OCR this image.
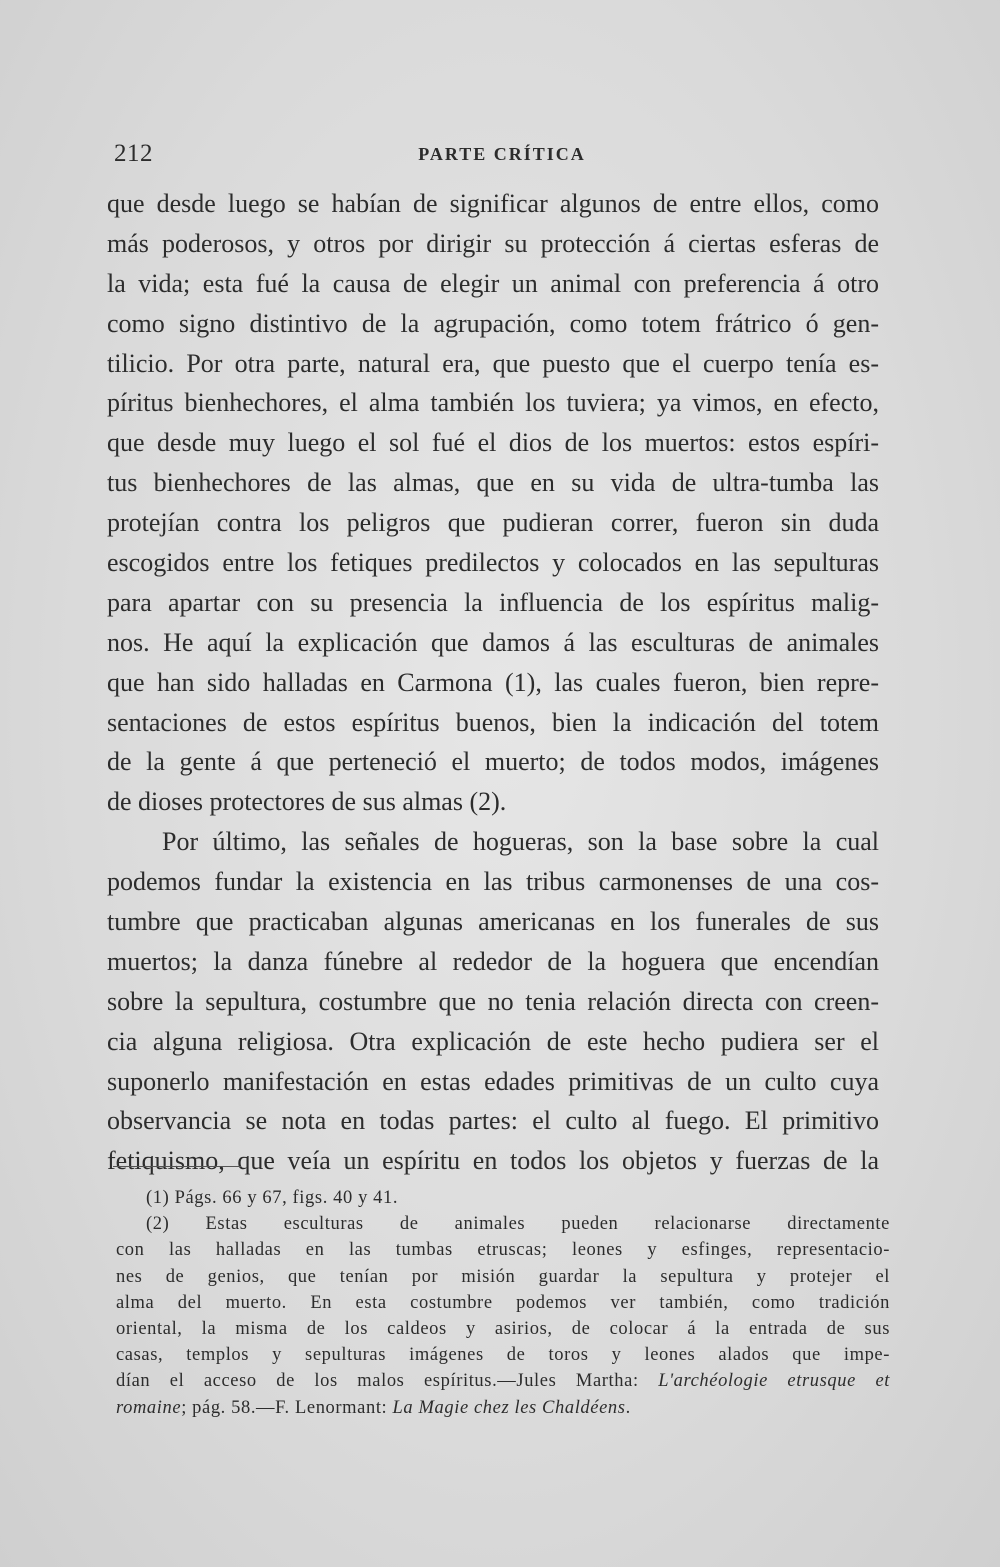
212	PARTE CRÍTICA
que desde luego se habían de significar algunos de entre ellos, como
más poderosos, y otros por dirigir su protección á ciertas esferas de
la vida; esta fué la causa de elegir un animal con preferencia á otro
como signo distintivo de la agrupación, como totem frátrico ó gen-
tilicio. Por otra parte, natural era, que puesto que el cuerpo tenía es-
píritus bienhechores, el alma también los tuviera; ya vimos, en efecto,
que desde muy luego el sol fué el dios de los muertos: estos espíri-
tus bienhechores de las almas, que en su vida de ultra-tumba las
protejían contra los peligros que pudieran correr, fueron sin duda
escogidos entre los fetiques predilectos y colocados en las sepulturas
para apartar con su presencia la influencia de los espíritus malig-
nos. He aquí la explicación que damos á las esculturas de animales
que han sido halladas en Carmona (1), las cuales fueron, bien repre-
sentaciones de estos espíritus buenos, bien la indicación del totem
de la gente á que perteneció el muerto; de todos modos, imágenes
de dioses protectores de sus almas (2).
Por último, las señales de hogueras, son la base sobre la cual
podemos fundar la existencia en las tribus carmonenses de una cos-
tumbre que practicaban algunas americanas en los funerales de sus
muertos; la danza fúnebre al rededor de la hoguera que encendían
sobre la sepultura, costumbre que no tenia relación directa con creen-
cia alguna religiosa. Otra explicación de este hecho pudiera ser el
suponerlo manifestación en estas edades primitivas de un culto cuya
observancia se nota en todas partes: el culto al fuego. El primitivo
fetiquismo, que veía un espíritu en todos los objetos y fuerzas de la
(1) Págs. 66 y 67, figs. 40 y 41.
(2) Estas esculturas de animales pueden relacionarse directamente
con las halladas en las tumbas etruscas; leones y esfinges, representacio-
nes de genios, que tenían por misión guardar la sepultura y protejer el
alma del muerto. En esta costumbre podemos ver también, como tradición
oriental, la misma de los caldeos y asirios, de colocar á la entrada de sus
casas, templos y sepulturas imágenes de toros y leones alados que impe-
dían el acceso de los malos espíritus.—Jules Martha: L'archéologie etrusque et
romaine; pág. 58.—F. Lenormant: La Magie chez les Chaldéens.
